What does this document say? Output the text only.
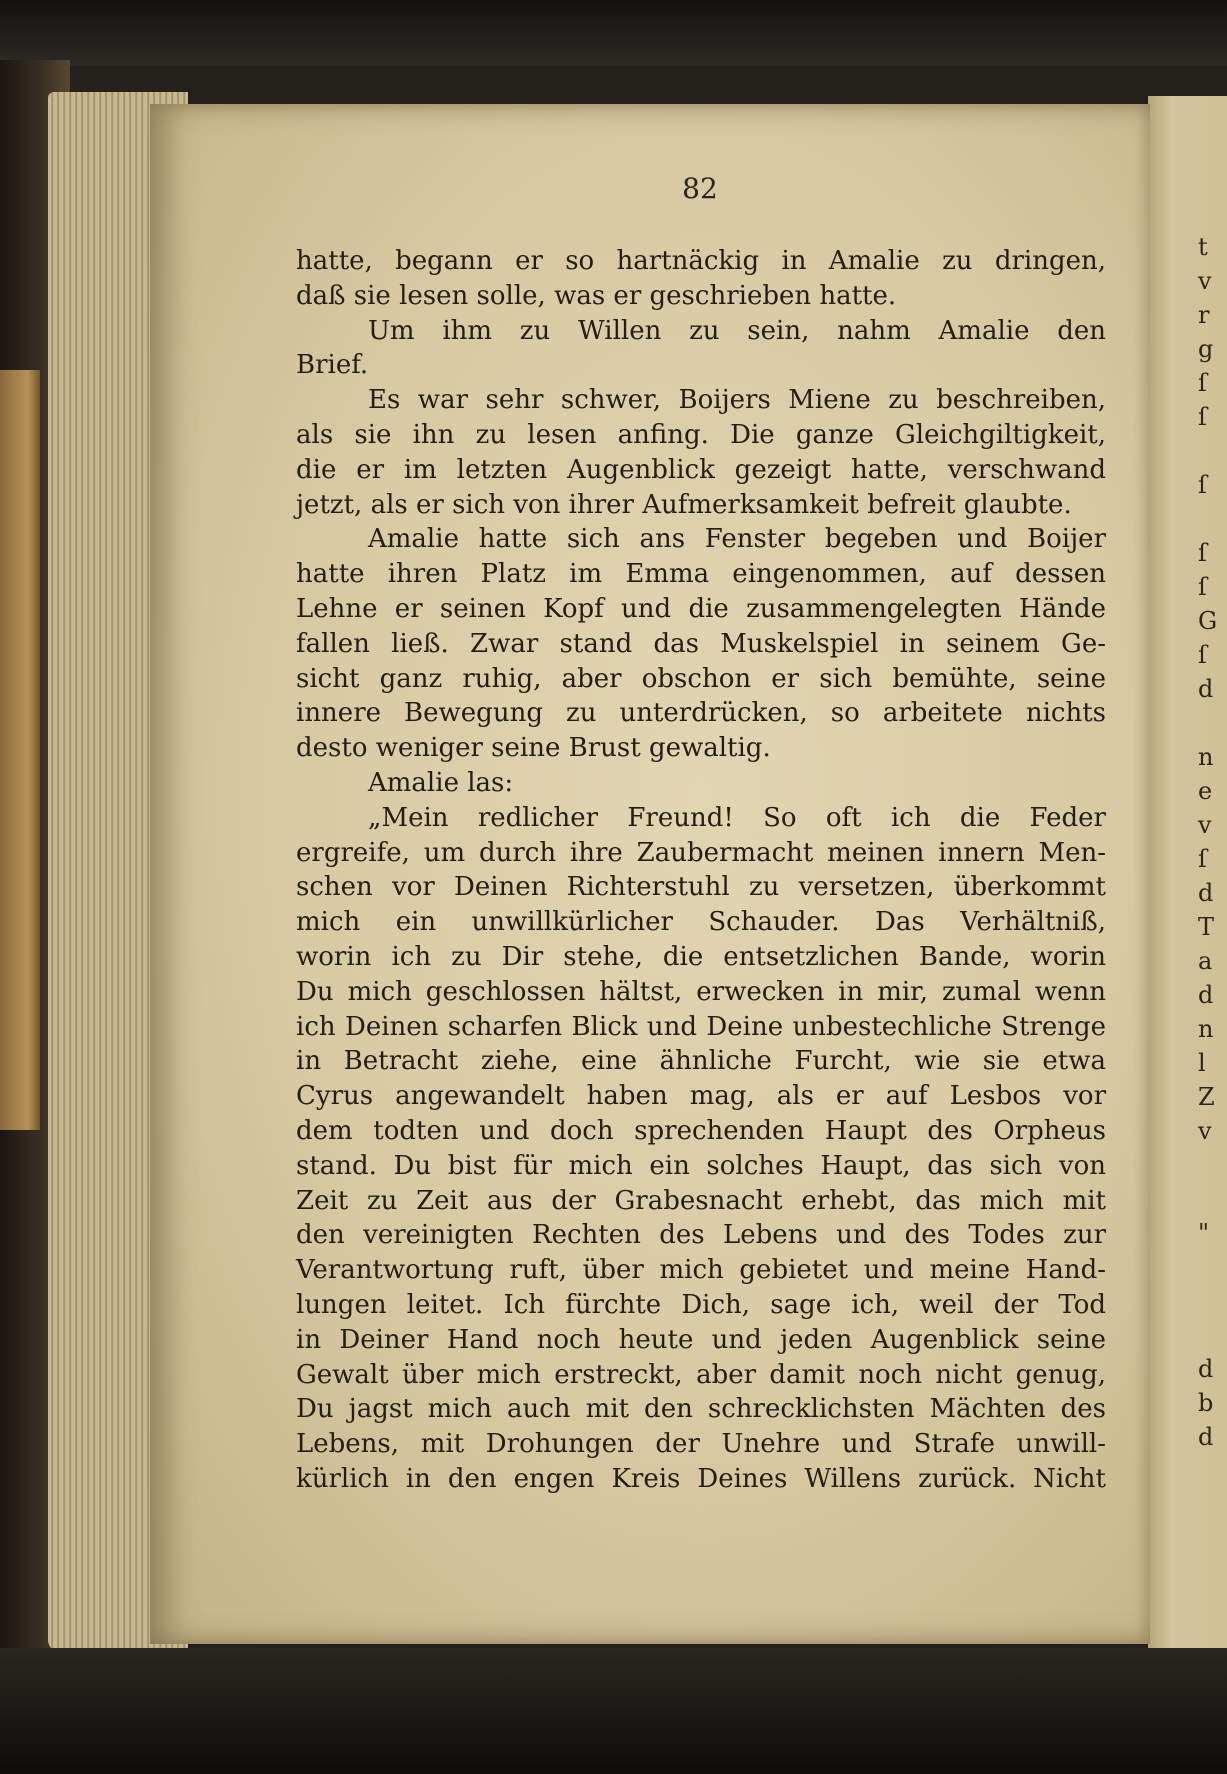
t
v
r
g
ſ
ſ

ſ

ſ
ſ
G
ſ
d

n
e
v
ſ
d
T
a
d
n
l
Z
v

"

d
b
d
82
hatte, begann er so hartnäckig in Amalie zu dringen,
daß sie lesen solle, was er geschrieben hatte.
Um ihm zu Willen zu sein, nahm Amalie den
Brief.
Es war sehr schwer, Boijers Miene zu beschreiben,
als sie ihn zu lesen anfing. Die ganze Gleichgiltigkeit,
die er im letzten Augenblick gezeigt hatte, verschwand
jetzt, als er sich von ihrer Aufmerksamkeit befreit glaubte.
Amalie hatte sich ans Fenster begeben und Boijer
hatte ihren Platz im Emma eingenommen, auf dessen
Lehne er seinen Kopf und die zusammengelegten Hände
fallen ließ. Zwar stand das Muskelspiel in seinem Ge-
sicht ganz ruhig, aber obschon er sich bemühte, seine
innere Bewegung zu unterdrücken, so arbeitete nichts
desto weniger seine Brust gewaltig.
Amalie las:
„Mein redlicher Freund! So oft ich die Feder
ergreife, um durch ihre Zaubermacht meinen innern Men-
schen vor Deinen Richterstuhl zu versetzen, überkommt
mich ein unwillkürlicher Schauder. Das Verhältniß,
worin ich zu Dir stehe, die entsetzlichen Bande, worin
Du mich geschlossen hältst, erwecken in mir, zumal wenn
ich Deinen scharfen Blick und Deine unbestechliche Strenge
in Betracht ziehe, eine ähnliche Furcht, wie sie etwa
Cyrus angewandelt haben mag, als er auf Lesbos vor
dem todten und doch sprechenden Haupt des Orpheus
stand. Du bist für mich ein solches Haupt, das sich von
Zeit zu Zeit aus der Grabesnacht erhebt, das mich mit
den vereinigten Rechten des Lebens und des Todes zur
Verantwortung ruft, über mich gebietet und meine Hand-
lungen leitet. Ich fürchte Dich, sage ich, weil der Tod
in Deiner Hand noch heute und jeden Augenblick seine
Gewalt über mich erstreckt, aber damit noch nicht genug,
Du jagst mich auch mit den schrecklichsten Mächten des
Lebens, mit Drohungen der Unehre und Strafe unwill-
kürlich in den engen Kreis Deines Willens zurück. Nicht
